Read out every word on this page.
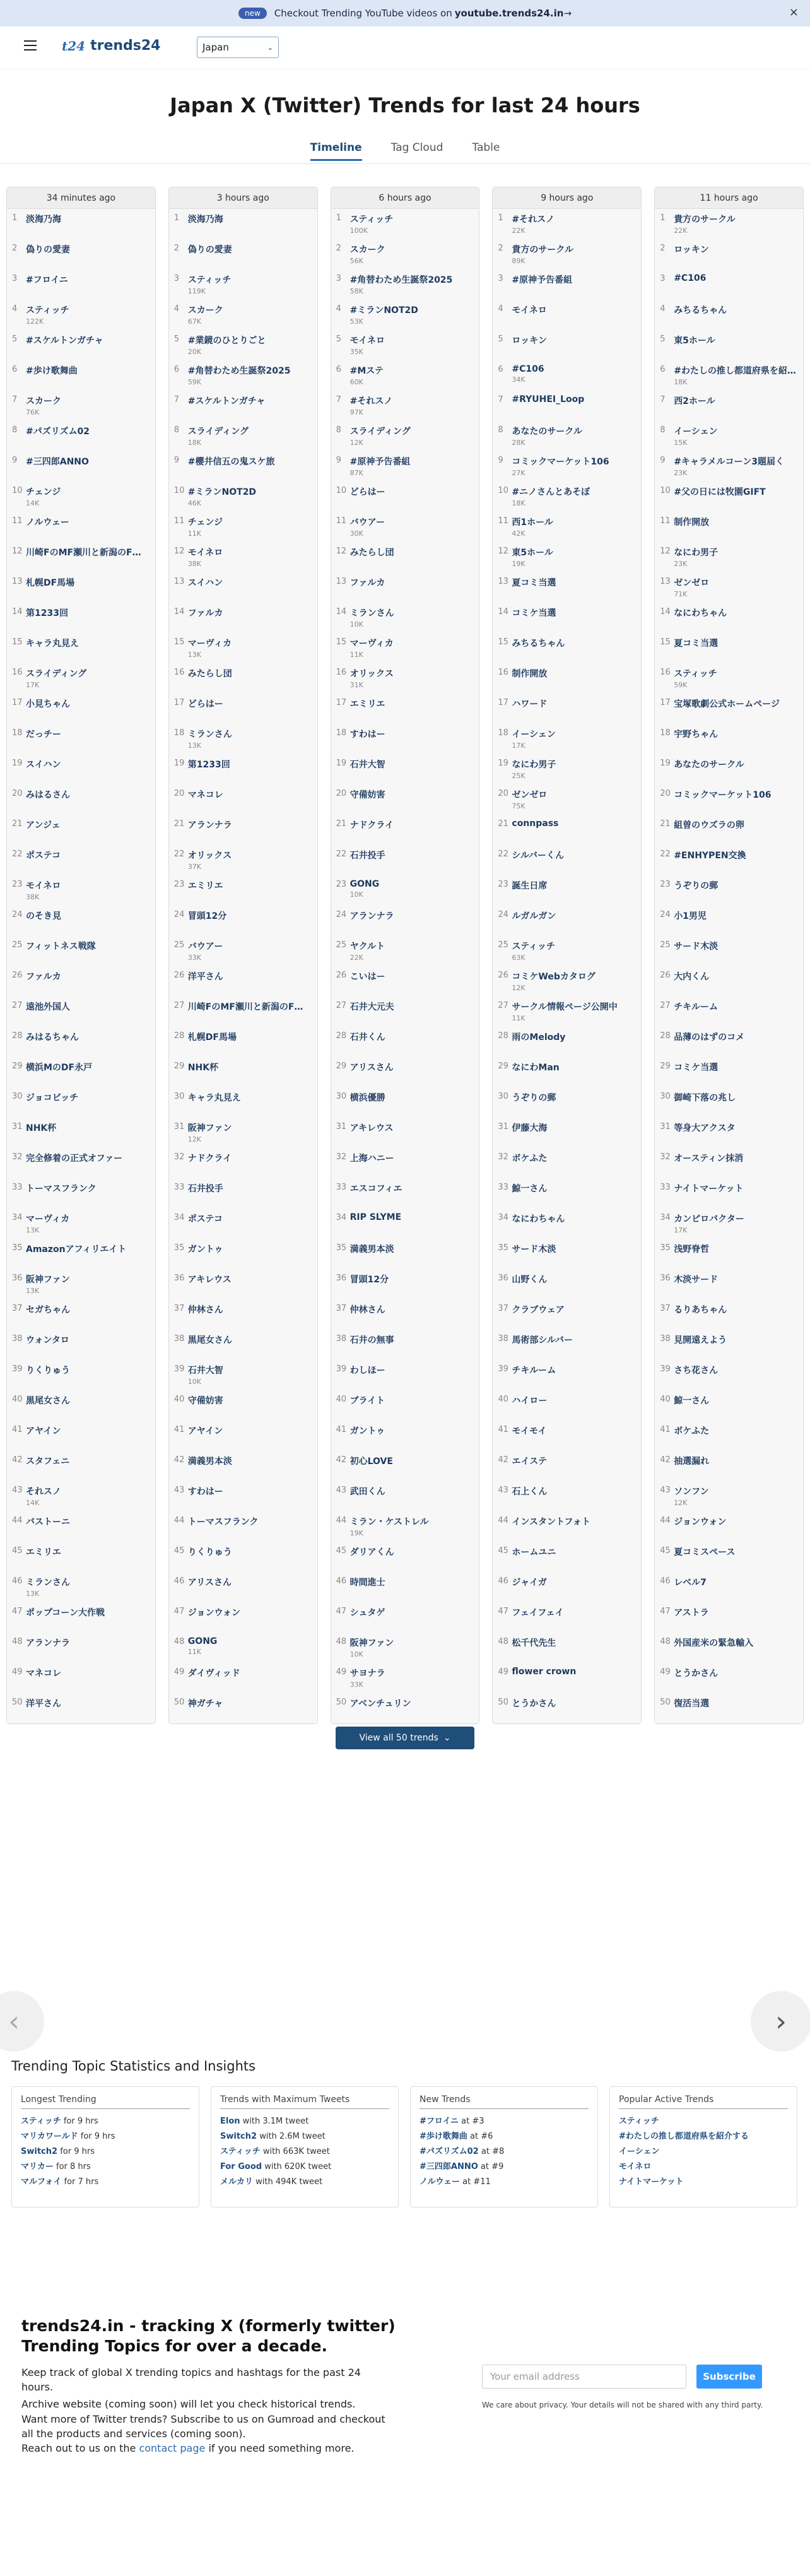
new	Checkout Trending YouTube videos on youtube.trends24.in →	×
t24 trends24	Japan	⌄
Japan X (Twitter) Trends for last 24 hours
Timeline	Tag Cloud	Table
34 minutes ago
1 淡海乃海
2 偽りの愛妻
3 #フロイニ
4 スティッチ
122K
5 #スケルトンガチャ
6 #歩け歌舞曲
7 スカーク
76K
8 #パズリズム02
9 #三四郎ANNO
10 チェンジ
14K
11 ノルウェー
12 川崎FのMF瀬川と新潟のF…
13 札幌DF馬場
14 第1233回
15 キャラ丸見え
16 スライディング
17K
17 小見ちゃん
18 だっチー
19 スイハン
20 みはるさん
21 アンジェ
22 ポステコ
23 モイネロ
38K
24 のそき見
25 フィットネス戦隊
26 ファルカ
27 遠池外国人
28 みはるちゃん
29 横浜MのDF永戸
30 ジョコビッチ
31 NHK杯
32 完全修着の正式オファー
33 トーマスフランク
34 マーヴィカ
13K
35 Amazonアフィリエイト
36 阪神ファン
13K
37 セガちゃん
38 ウォンタロ
39 りくりゅう
40 黒尾女さん
41 アヤイン
42 スタフェニ
43 それスノ
14K
44 バストーニ
45 エミリエ
46 ミランさん
13K
47 ポップコーン大作戦
48 アランナラ
49 マネコレ
50 洋平さん
3 hours ago
1 淡海乃海
2 偽りの愛妻
3 スティッチ
119K
4 スカーク
67K
5 #業鏡のひとりごと
20K
6 #角替わため生誕祭2025
59K
7 #スケルトンガチャ
8 スライディング
18K
9 #櫻井信五の鬼スケ旅
10 #ミランNOT2D
46K
11 チェンジ
11K
12 モイネロ
38K
13 スイハン
14 ファルカ
15 マーヴィカ
13K
16 みたらし団
17 どらはー
18 ミランさん
13K
19 第1233回
20 マネコレ
21 アランナラ
22 オリックス
37K
23 エミリエ
24 冒頭12分
25 バウアー
33K
26 洋平さん
27 川崎FのMF瀬川と新潟のF…
28 札幌DF馬場
29 NHK杯
30 キャラ丸見え
31 阪神ファン
12K
32 ナドクライ
33 石井投手
34 ポステコ
35 ガントゥ
36 アキレウス
37 仲林さん
38 黒尾女さん
39 石井大智
10K
40 守備妨害
41 アヤイン
42 満義男本淡
43 すわはー
44 トーマスフランク
45 りくりゅう
46 アリスさん
47 ジョンウォン
48 GONG
11K
49 ダイヴィッド
50 神ガチャ
6 hours ago
1 スティッチ
100K
2 スカーク
56K
3 #角替わため生誕祭2025
58K
4 #ミランNOT2D
53K
5 モイネロ
35K
6 #Mステ
60K
7 #それスノ
97K
8 スライディング
12K
9 #原神予告番組
87K
10 どらはー
11 バウアー
30K
12 みたらし団
13 ファルカ
14 ミランさん
10K
15 マーヴィカ
11K
16 オリックス
31K
17 エミリエ
18 すわはー
19 石井大智
20 守備妨害
21 ナドクライ
22 石井投手
23 GONG
10K
24 アランナラ
25 ヤクルト
22K
26 こいはー
27 石井大元夫
28 石井くん
29 アリスさん
30 横浜優勝
31 アキレウス
32 上海ハニー
33 エスコフィエ
34 RIP SLYME
35 満義男本淡
36 冒頭12分
37 仲林さん
38 石井の無事
39 わしほー
40 ブライト
41 ガントゥ
42 初心LOVE
43 武田くん
44 ミラン・ケストレル
19K
45 ダリアくん
46 時間進士
47 シュタゲ
48 阪神ファン
10K
49 サヨナラ
33K
50 アベンチュリン
9 hours ago
1 #それスノ
22K
2 貴方のサークル
89K
3 #原神予告番組
4 モイネロ
5 ロッキン
6 #C106
34K
7 #RYUHEI_Loop
8 あなたのサークル
28K
9 コミックマーケット106
27K
10 #ニノさんとあそぼ
18K
11 西1ホール
42K
12 東5ホール
19K
13 夏コミ当選
14 コミケ当選
15 みちるちゃん
16 制作開放
17 ハワード
18 イーシェン
17K
19 なにわ男子
25K
20 ゼンゼロ
75K
21 connpass
22 シルバーくん
23 誕生日席
24 ルガルガン
25 スティッチ
63K
26 コミケWebカタログ
12K
27 サークル情報ページ公開中
11K
28 雨のMelody
29 なにわMan
30 うぞりの郵
31 伊藤大海
32 ボケふた
33 鯨一さん
34 なにわちゃん
35 サード木淡
36 山野くん
37 クラブウェア
38 馬術部シルバー
39 チキルーム
40 ハイロー
41 モイモイ
42 エイステ
43 石上くん
44 インスタントフォト
45 ホームユニ
46 ジャイガ
47 フェイフェイ
48 松千代先生
49 flower crown
50 とうかさん
11 hours ago
1 貴方のサークル
22K
2 ロッキン
3 #C106
4 みちるちゃん
5 東5ホール
6 #わたしの推し都道府県を紹…
18K
7 西2ホール
8 イーシェン
15K
9 #キャラメルコーン3題届く
23K
10 #父の日には牧園GIFT
11 制作開放
12 なにわ男子
23K
13 ゼンゼロ
71K
14 なにわちゃん
15 夏コミ当選
16 スティッチ
59K
17 宝塚歌劇公式ホームページ
18 宇野ちゃん
19 あなたのサークル
20 コミックマーケット106
21 組曽のウズラの卵
22 #ENHYPEN交換
23 うぞりの郵
24 小1男児
25 サード木淡
26 大内くん
27 チキルーム
28 品薄のはずのコメ
29 コミケ当選
30 御崎下落の兆し
31 等身大アクスタ
32 オースティン抹消
33 ナイトマーケット
34 カンピロバクター
17K
35 浅野脊哲
36 木淡サード
37 るりあちゃん
38 見開遠えよう
39 さち花さん
40 鯨一さん
41 ボケふた
42 抽選漏れ
43 ソンフン
12K
44 ジョンウォン
45 夏コミスペース
46 レベル7
47 アストラ
48 外国産米の緊急輸入
49 とうかさん
50 復活当選
View all 50 trends ⌄
‹	›
Trending Topic Statistics and Insights
Longest Trending
スティッチ for 9 hrs
マリカワールド for 9 hrs
Switch2 for 9 hrs
マリカー for 8 hrs
マルフォイ for 7 hrs
Trends with Maximum Tweets
Elon with 3.1M tweet
Switch2 with 2.6M tweet
スティッチ with 663K tweet
For Good with 620K tweet
メルカリ with 494K tweet
New Trends
#フロイニ at #3
#歩け歌舞曲 at #6
#パズリズム02 at #8
#三四郎ANNO at #9
ノルウェー at #11
Popular Active Trends
スティッチ
#わたしの推し都道府県を紹介する
イーシェン
モイネロ
ナイトマーケット
trends24.in - tracking X (formerly twitter) Trending Topics for over a decade.

Keep track of global X trending topics and hashtags for the past 24 hours.

Archive website (coming soon) will let you check historical trends.

Want more of Twitter trends? Subscribe to us on Gumroad and checkout all the products and services (coming soon).

Reach out to us on the contact page if you need something more.

Your email address	Subscribe
We care about privacy. Your details will not be shared with any third party.
